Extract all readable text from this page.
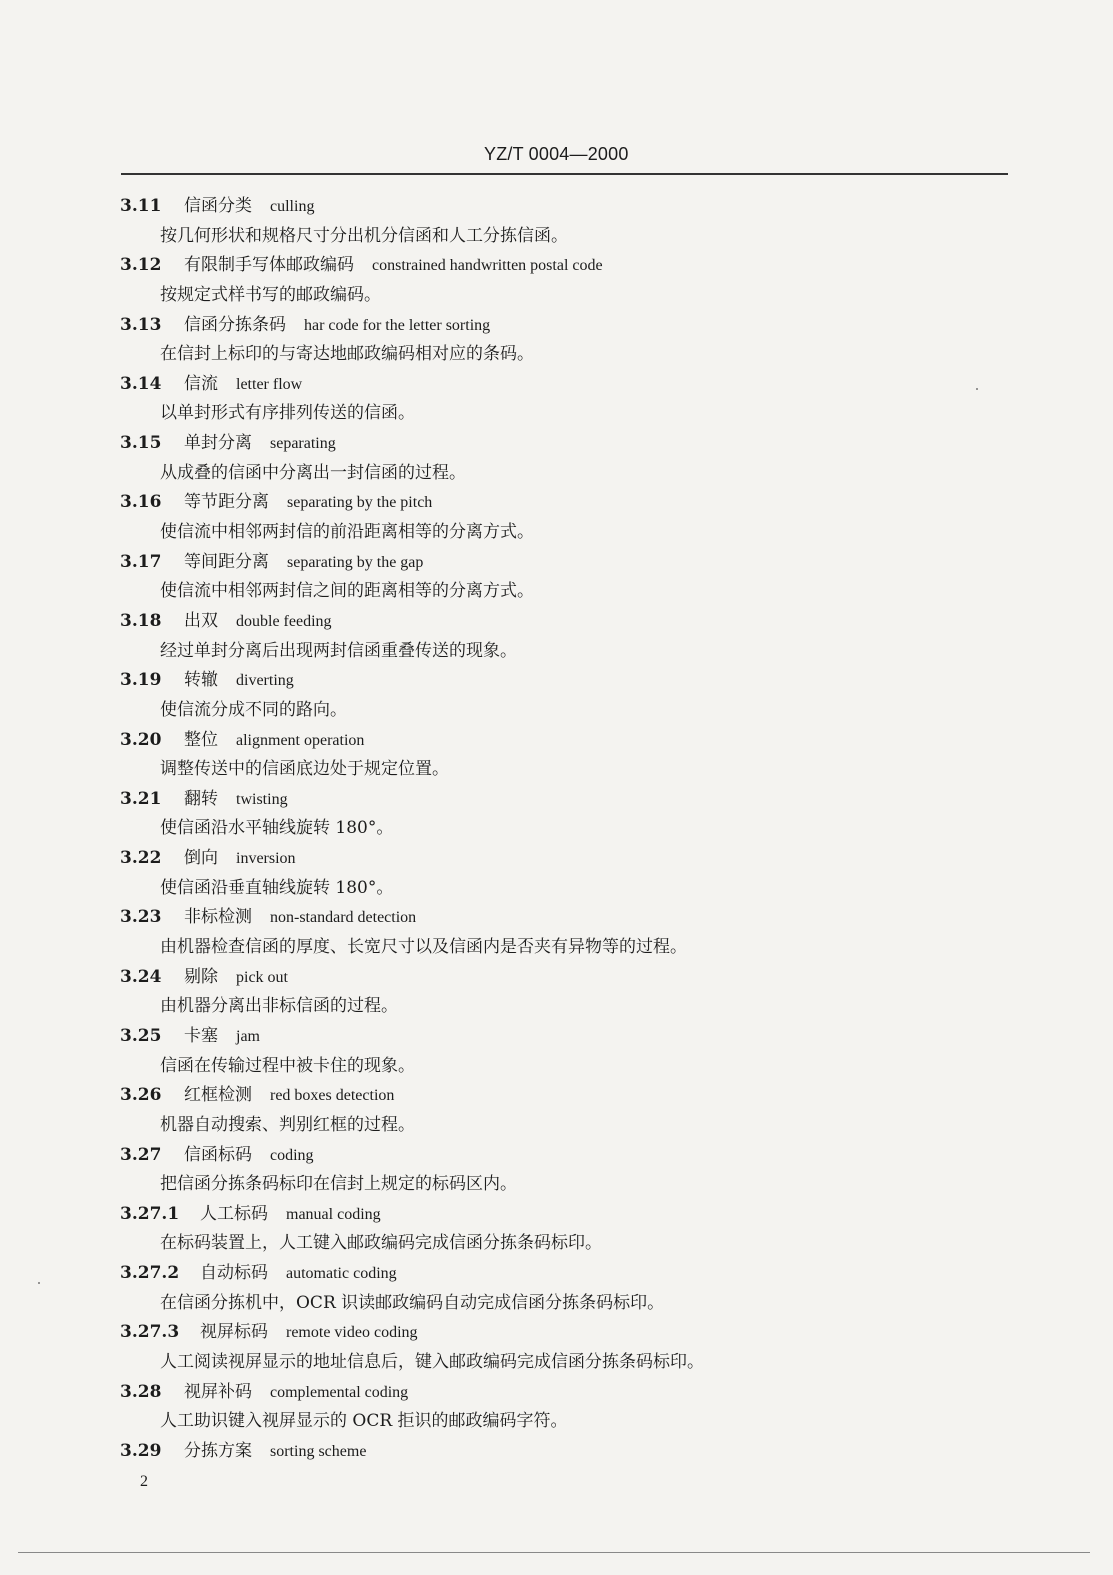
YZ/T 0004—2000
3.11 信函分类 culling
按几何形状和规格尺寸分出机分信函和人工分拣信函。
3.12 有限制手写体邮政编码 constrained handwritten postal code
按规定式样书写的邮政编码。
3.13 信函分拣条码 har code for the letter sorting
在信封上标印的与寄达地邮政编码相对应的条码。
3.14 信流 letter flow
以单封形式有序排列传送的信函。
3.15 单封分离 separating
从成叠的信函中分离出一封信函的过程。
3.16 等节距分离 separating by the pitch
使信流中相邻两封信的前沿距离相等的分离方式。
3.17 等间距分离 separating by the gap
使信流中相邻两封信之间的距离相等的分离方式。
3.18 出双 double feeding
经过单封分离后出现两封信函重叠传送的现象。
3.19 转辙 diverting
使信流分成不同的路向。
3.20 整位 alignment operation
调整传送中的信函底边处于规定位置。
3.21 翻转 twisting
使信函沿水平轴线旋转 180°。
3.22 倒向 inversion
使信函沿垂直轴线旋转 180°。
3.23 非标检测 non-standard detection
由机器检查信函的厚度、长宽尺寸以及信函内是否夹有异物等的过程。
3.24 剔除 pick out
由机器分离出非标信函的过程。
3.25 卡塞 jam
信函在传输过程中被卡住的现象。
3.26 红框检测 red boxes detection
机器自动搜索、判别红框的过程。
3.27 信函标码 coding
把信函分拣条码标印在信封上规定的标码区内。
3.27.1 人工标码 manual coding
在标码装置上，人工键入邮政编码完成信函分拣条码标印。
3.27.2 自动标码 automatic coding
在信函分拣机中，OCR 识读邮政编码自动完成信函分拣条码标印。
3.27.3 视屏标码 remote video coding
人工阅读视屏显示的地址信息后，键入邮政编码完成信函分拣条码标印。
3.28 视屏补码 complemental coding
人工助识键入视屏显示的 OCR 拒识的邮政编码字符。
3.29 分拣方案 sorting scheme
2
